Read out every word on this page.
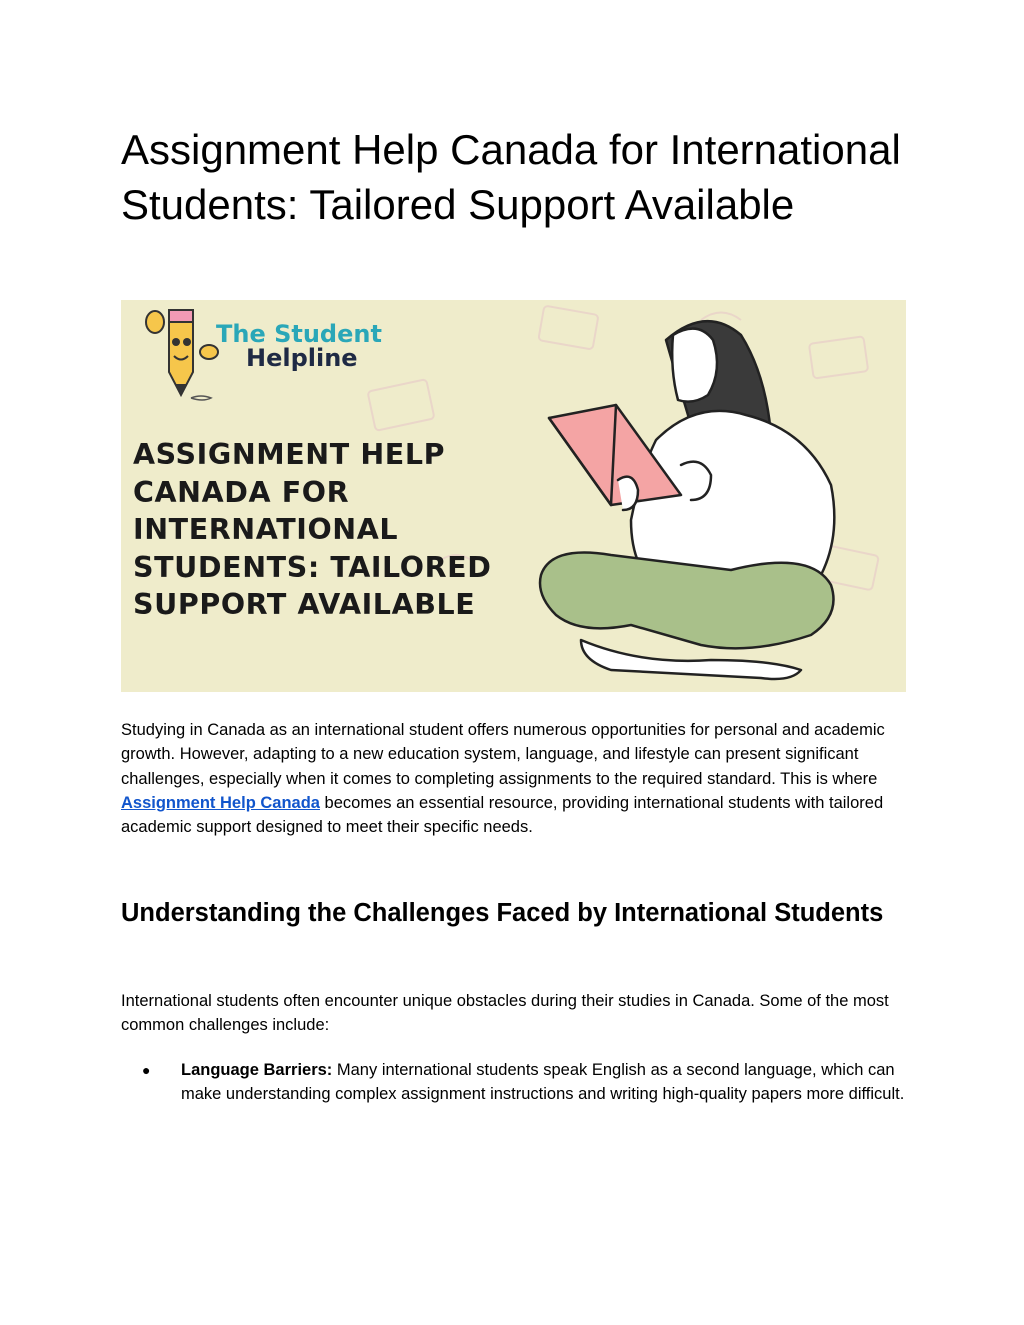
Assignment Help Canada for International Students: Tailored Support Available

Studying in Canada as an international student offers numerous opportunities for personal and academic growth. However, adapting to a new education system, language, and lifestyle can present significant challenges, especially when it comes to completing assignments to the required standard. This is where Assignment Help Canada becomes an essential resource, providing international students with tailored academic support designed to meet their specific needs.

Understanding the Challenges Faced by International Students

International students often encounter unique obstacles during their studies in Canada. Some of the most common challenges include:

● Language Barriers: Many international students speak English as a second language, which can make understanding complex assignment instructions and writing high-quality papers more difficult.
The Student
Helpline
ASSIGNMENT HELP
CANADA FOR
INTERNATIONAL
STUDENTS: TAILORED
SUPPORT AVAILABLE
